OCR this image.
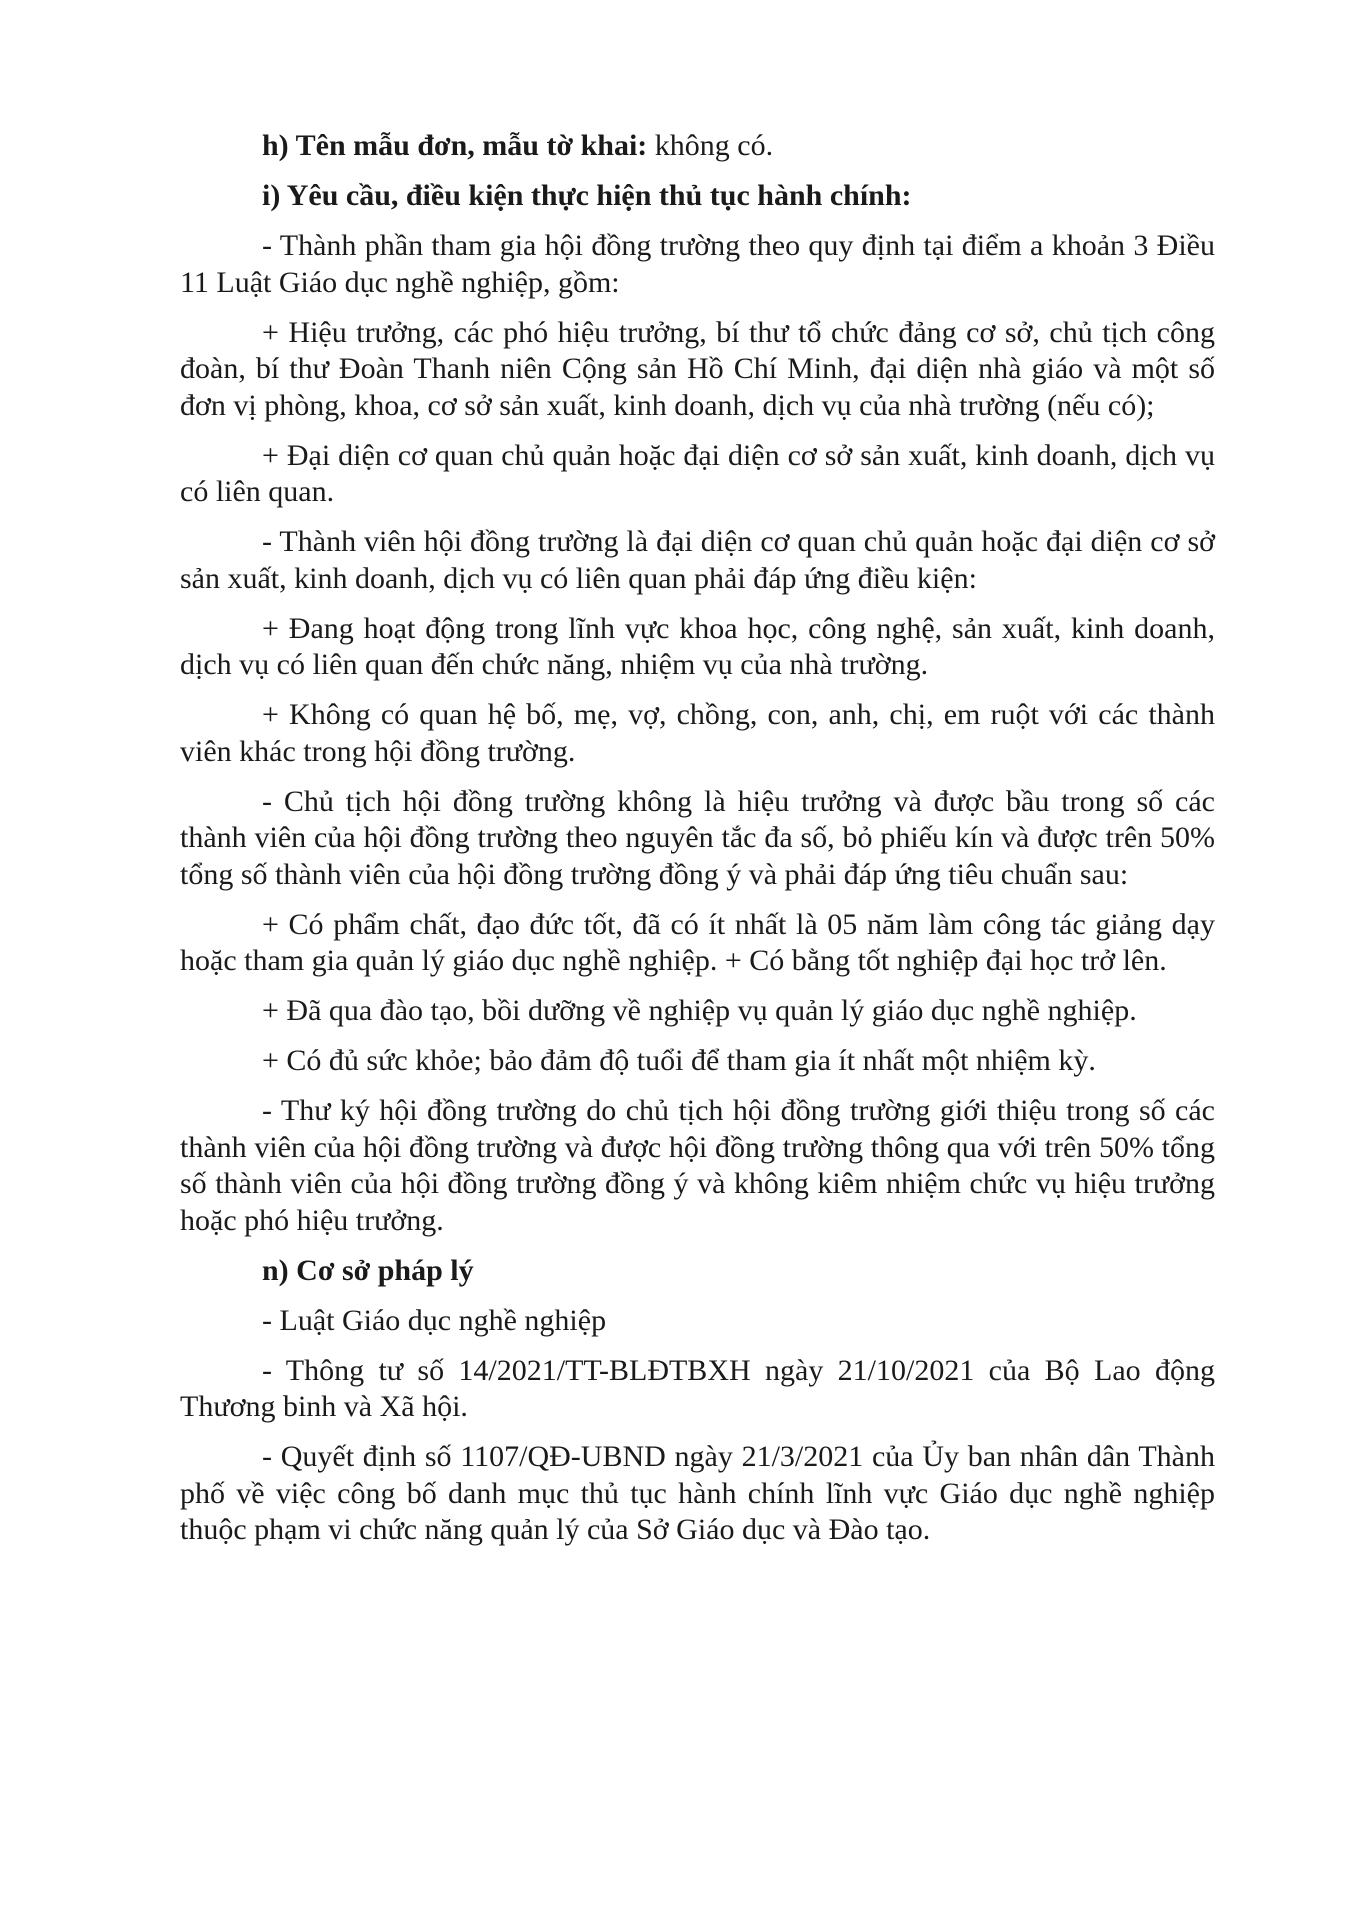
h) Tên mẫu đơn, mẫu tờ khai: không có.

i) Yêu cầu, điều kiện thực hiện thủ tục hành chính:

- Thành phần tham gia hội đồng trường theo quy định tại điểm a khoản 3 Điều 11 Luật Giáo dục nghề nghiệp, gồm:

+ Hiệu trưởng, các phó hiệu trưởng, bí thư tổ chức đảng cơ sở, chủ tịch công đoàn, bí thư Đoàn Thanh niên Cộng sản Hồ Chí Minh, đại diện nhà giáo và một số đơn vị phòng, khoa, cơ sở sản xuất, kinh doanh, dịch vụ của nhà trường (nếu có);

+ Đại diện cơ quan chủ quản hoặc đại diện cơ sở sản xuất, kinh doanh, dịch vụ có liên quan.

- Thành viên hội đồng trường là đại diện cơ quan chủ quản hoặc đại diện cơ sở sản xuất, kinh doanh, dịch vụ có liên quan phải đáp ứng điều kiện:

+ Đang hoạt động trong lĩnh vực khoa học, công nghệ, sản xuất, kinh doanh, dịch vụ có liên quan đến chức năng, nhiệm vụ của nhà trường.

+ Không có quan hệ bố, mẹ, vợ, chồng, con, anh, chị, em ruột với các thành viên khác trong hội đồng trường.

- Chủ tịch hội đồng trường không là hiệu trưởng và được bầu trong số các thành viên của hội đồng trường theo nguyên tắc đa số, bỏ phiếu kín và được trên 50% tổng số thành viên của hội đồng trường đồng ý và phải đáp ứng tiêu chuẩn sau:

+ Có phẩm chất, đạo đức tốt, đã có ít nhất là 05 năm làm công tác giảng dạy hoặc tham gia quản lý giáo dục nghề nghiệp. + Có bằng tốt nghiệp đại học trở lên.

+ Đã qua đào tạo, bồi dưỡng về nghiệp vụ quản lý giáo dục nghề nghiệp.

+ Có đủ sức khỏe; bảo đảm độ tuổi để tham gia ít nhất một nhiệm kỳ.

- Thư ký hội đồng trường do chủ tịch hội đồng trường giới thiệu trong số các thành viên của hội đồng trường và được hội đồng trường thông qua với trên 50% tổng số thành viên của hội đồng trường đồng ý và không kiêm nhiệm chức vụ hiệu trưởng hoặc phó hiệu trưởng.

n) Cơ sở pháp lý

- Luật Giáo dục nghề nghiệp

- Thông tư số 14/2021/TT-BLĐTBXH ngày 21/10/2021 của Bộ Lao động Thương binh và Xã hội.

- Quyết định số 1107/QĐ-UBND ngày 21/3/2021 của Ủy ban nhân dân Thành phố về việc công bố danh mục thủ tục hành chính lĩnh vực Giáo dục nghề nghiệp thuộc phạm vi chức năng quản lý của Sở Giáo dục và Đào tạo.
